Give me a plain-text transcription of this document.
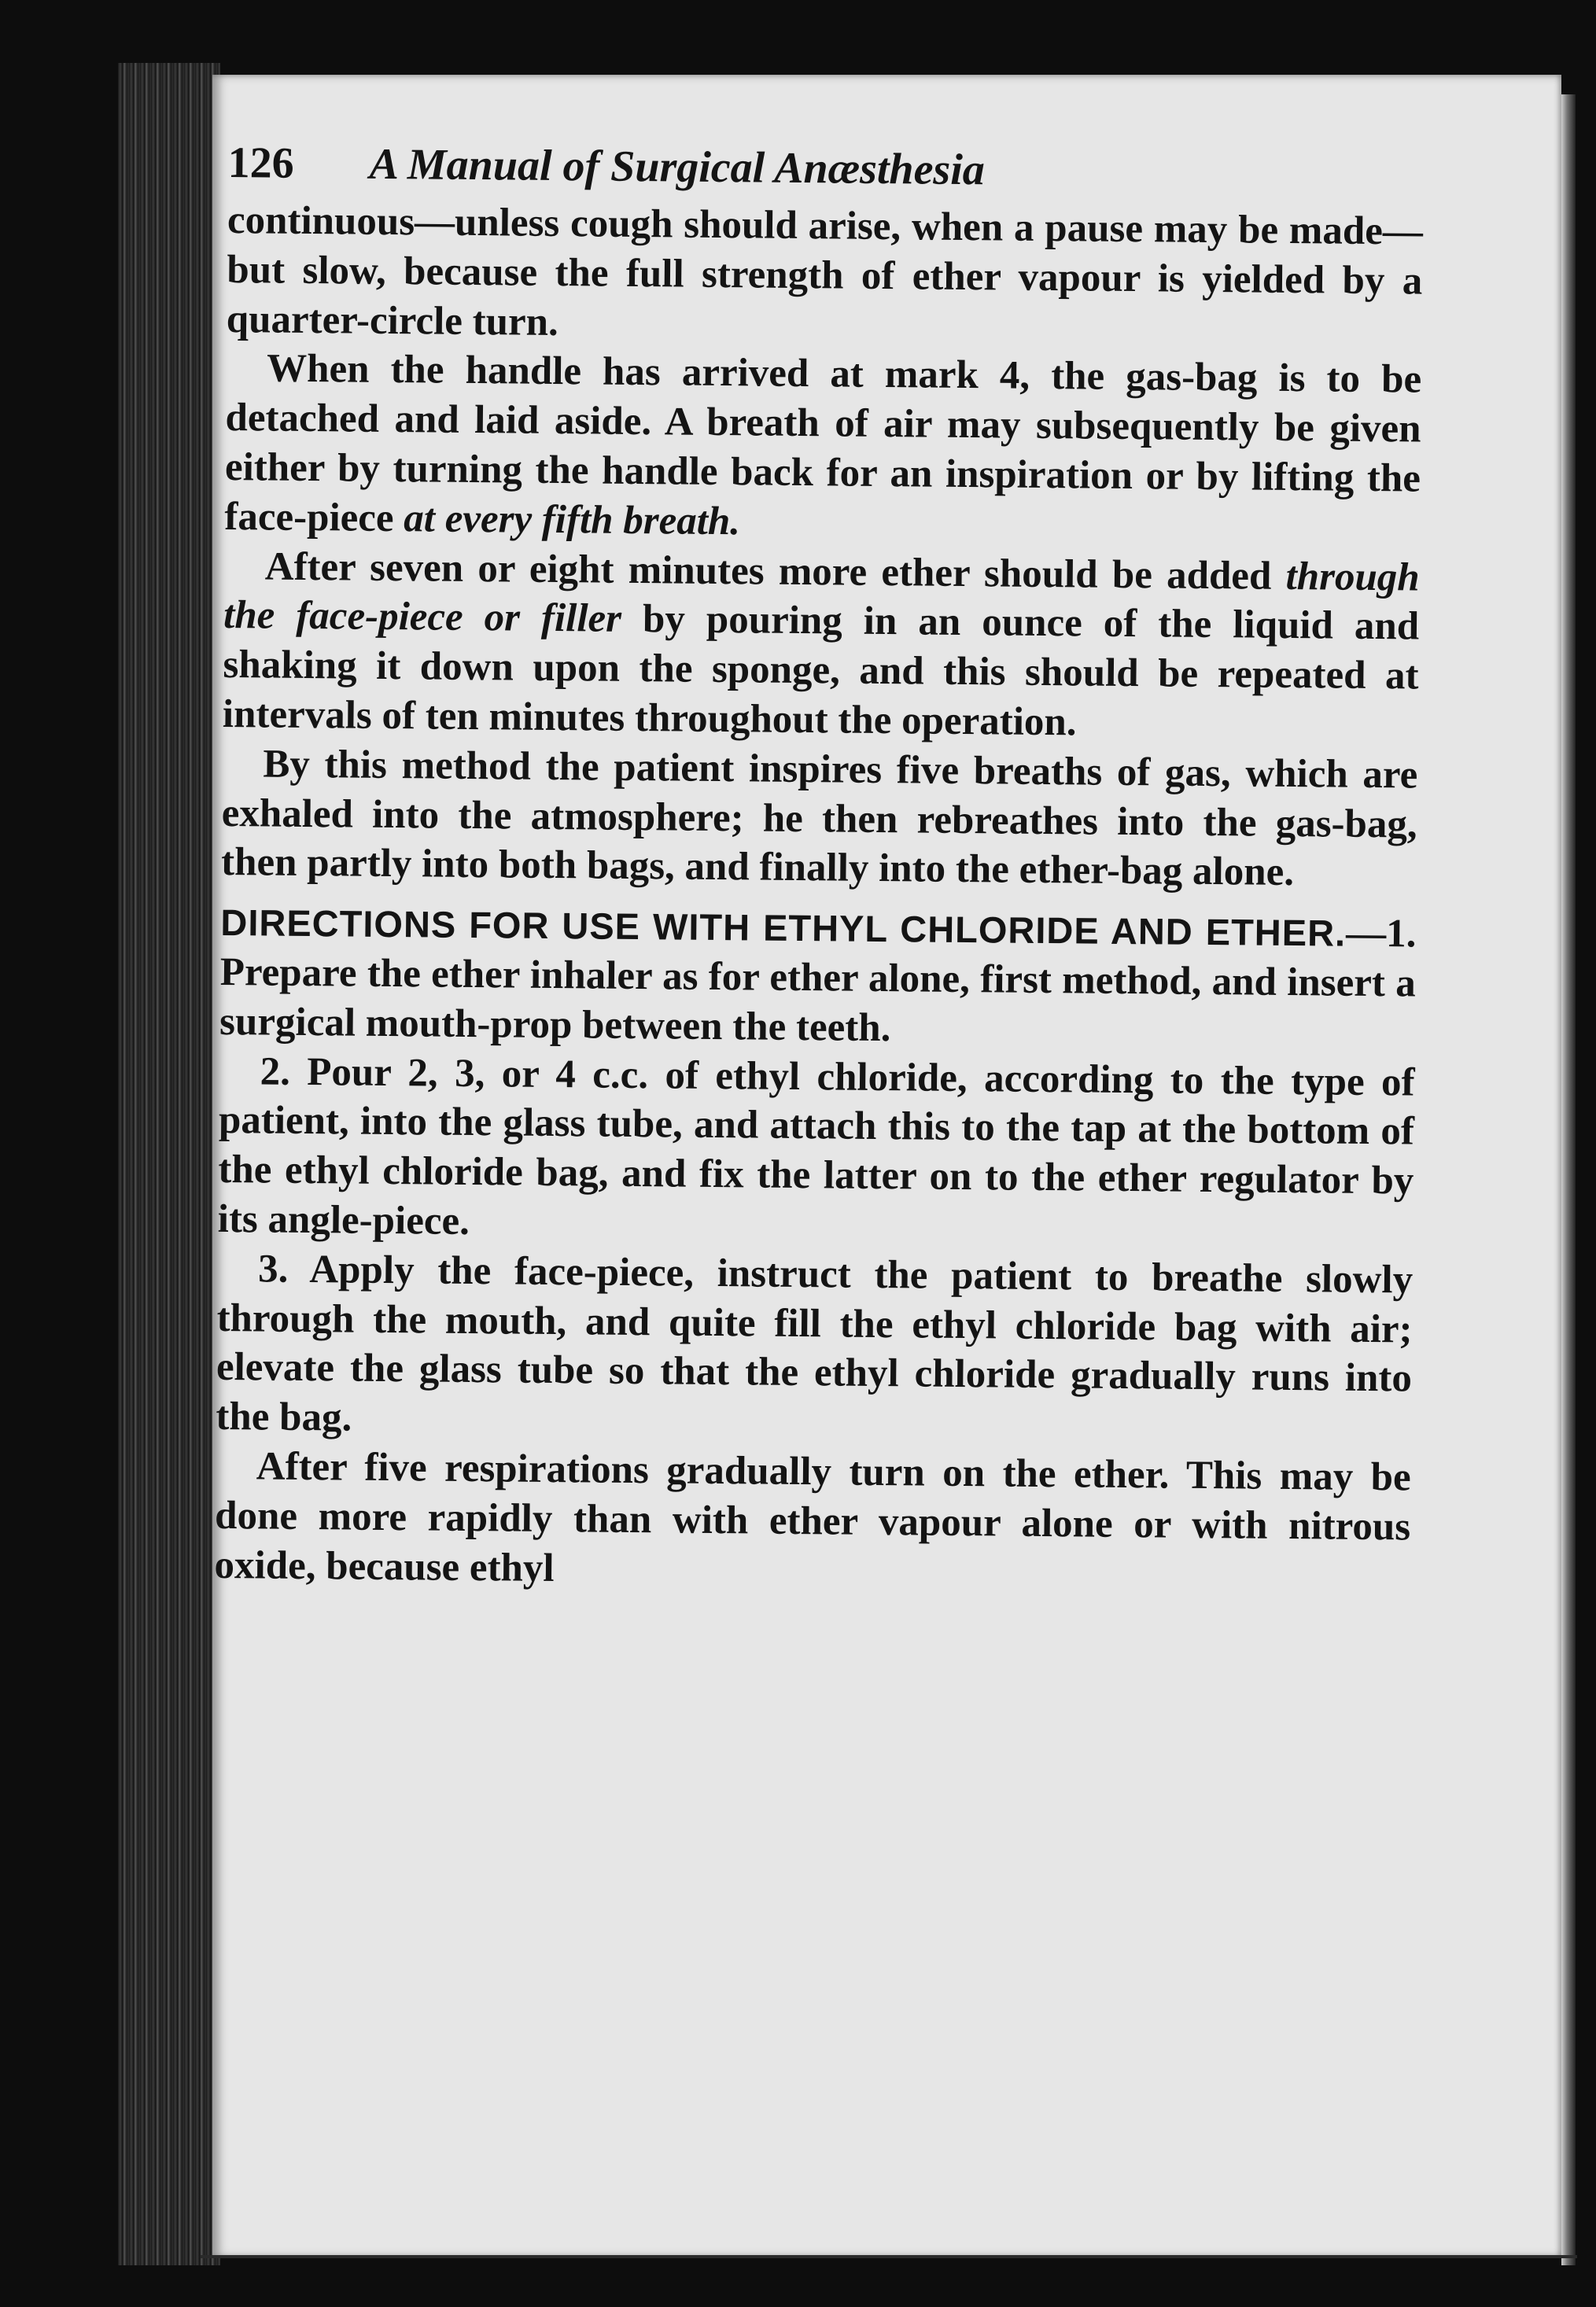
126	A Manual of Surgical Anæsthesia

continuous—unless cough should arise, when a pause may be made—but slow, because the full strength of ether vapour is yielded by a quarter-circle turn.

When the handle has arrived at mark 4, the gas-bag is to be detached and laid aside. A breath of air may subsequently be given either by turning the handle back for an inspiration or by lifting the face-piece at every fifth breath.

After seven or eight minutes more ether should be added through the face-piece or filler by pouring in an ounce of the liquid and shaking it down upon the sponge, and this should be repeated at intervals of ten minutes throughout the operation.

By this method the patient inspires five breaths of gas, which are exhaled into the atmosphere; he then rebreathes into the gas-bag, then partly into both bags, and finally into the ether-bag alone.

DIRECTIONS FOR USE WITH ETHYL CHLORIDE AND ETHER.—1. Prepare the ether inhaler as for ether alone, first method, and insert a surgical mouth-prop between the teeth.

2. Pour 2, 3, or 4 c.c. of ethyl chloride, according to the type of patient, into the glass tube, and attach this to the tap at the bottom of the ethyl chloride bag, and fix the latter on to the ether regulator by its angle-piece.

3. Apply the face-piece, instruct the patient to breathe slowly through the mouth, and quite fill the ethyl chloride bag with air; elevate the glass tube so that the ethyl chloride gradually runs into the bag.

After five respirations gradually turn on the ether. This may be done more rapidly than with ether vapour alone or with nitrous oxide, because ethyl
